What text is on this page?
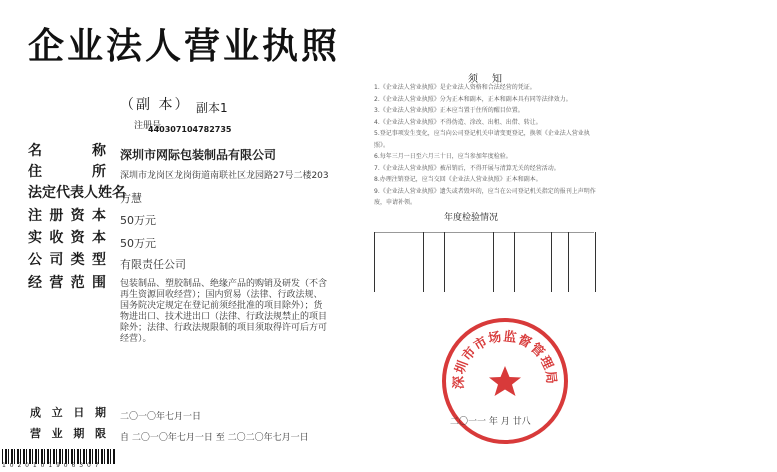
企业法人营业执照
（副 本） 副本1
注册号
440307104782735
名称 深圳市网际包装制品有限公司
住所 深圳市龙岗区龙岗街道南联社区龙园路27号二楼203
法定代表人姓名
方慧
注册资本 50万元
实收资本 50万元
公司类型 有限责任公司
经营范围 包装制品、塑胶制品、绝缘产品的购销及研发（不含再生资源回收经营）；国内贸易（法律、行政法规、国务院决定规定在登记前须经批准的项目除外）；货物进出口、技术进出口（法律、行政法规禁止的项目除外；法律、行政法规限制的项目须取得许可后方可经营）。
成立日期 二〇一〇年七月一日
营业期限 自 二〇一〇年七月一日 至 二〇二〇年七月一日
须知
1.《企业法人营业执照》是企业法人资格和合法经营的凭证。
2.《企业法人营业执照》分为正本和副本，正本和副本具有同等法律效力。
3.《企业法人营业执照》正本应当置于住所的醒目位置。
4.《企业法人营业执照》不得伪造、涂改、出租、出借、转让。
5.登记事项发生变化，应当向公司登记机关申请变更登记，换领《企业法人营业执照》。
6.每年三月一日至六月三十日，应当参加年度检验。
7.《企业法人营业执照》被吊销后，不得开展与清算无关的经营活动。
8.办理注销登记，应当交回《企业法人营业执照》正本和副本。
9.《企业法人营业执照》遗失或者毁坏的，应当在公司登记机关指定的报刊上声明作废，申请补领。
年度检验情况
深圳市市场监督管理局
二〇一一 年 月 廿八
1 0 2 0 1 0 1 9 0 6 3 0 7
